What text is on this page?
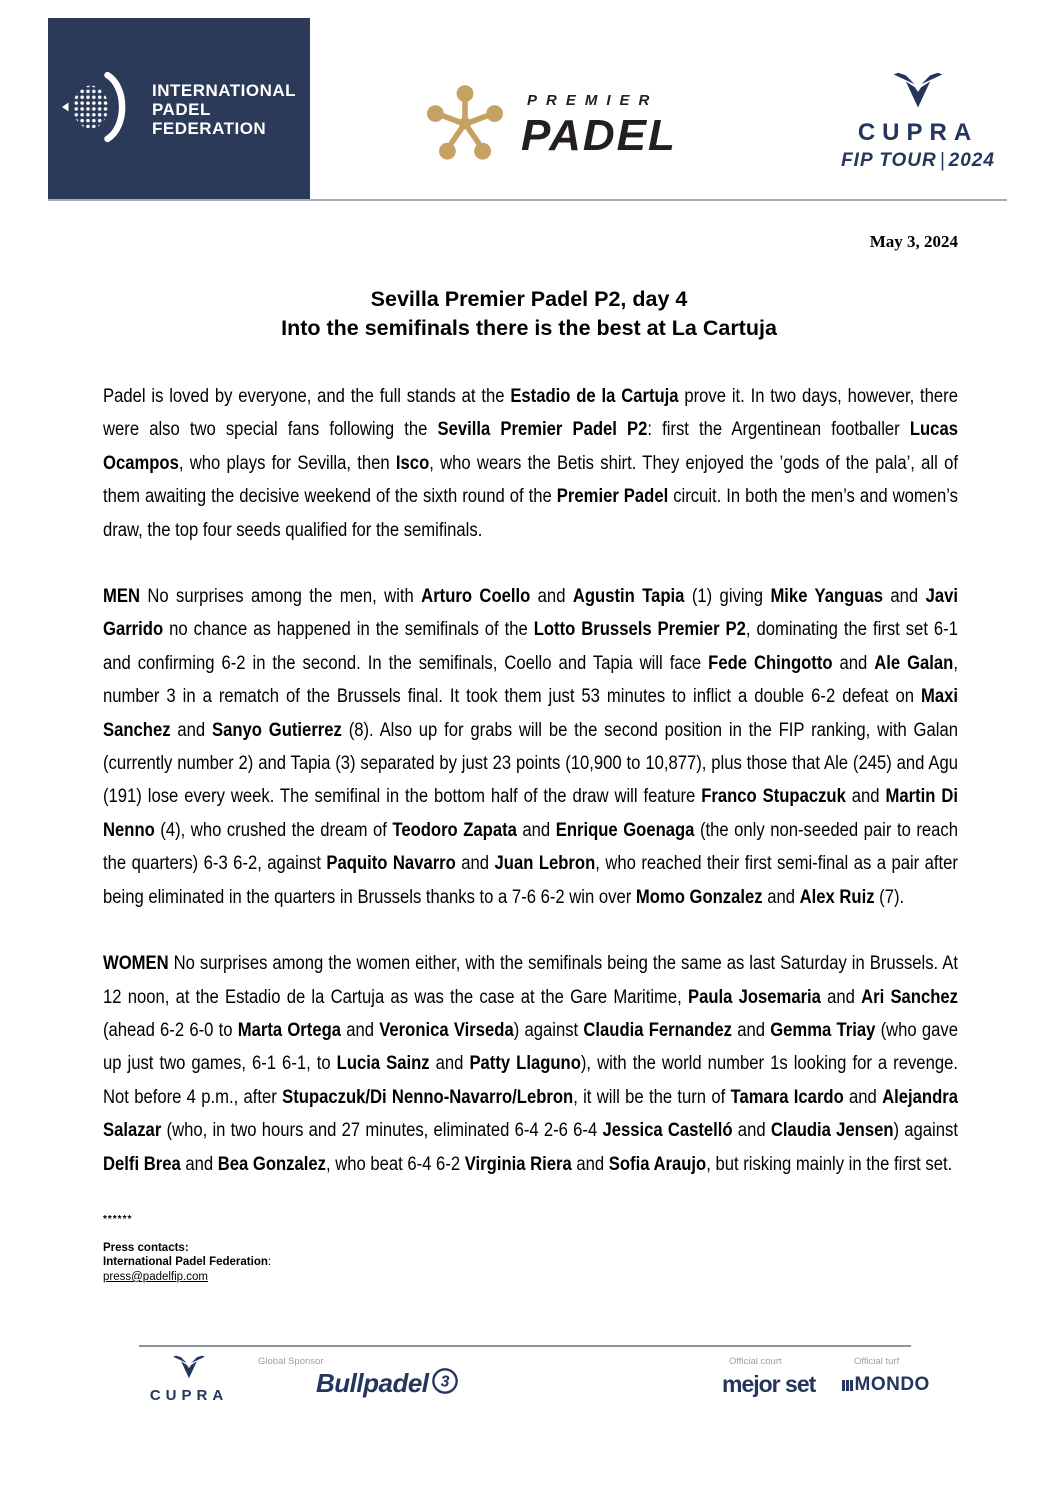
INTERNATIONAL
PADEL
FEDERATION
PREMIER
PADEL	CUPRA
FIP TOUR | 2024
May 3, 2024
Sevilla Premier Padel P2, day 4
Into the semifinals there is the best at La Cartuja

Padel is loved by everyone, and the full stands at the Estadio de la Cartuja prove it. In two days, however, there were also two special fans following the Sevilla Premier Padel P2: first the Argentinean footballer Lucas Ocampos, who plays for Sevilla, then Isco, who wears the Betis shirt. They enjoyed the ’gods of the pala’, all of them awaiting the decisive weekend of the sixth round of the Premier Padel circuit. In both the men’s and women’s draw, the top four seeds qualified for the semifinals.

MEN No surprises among the men, with Arturo Coello and Agustin Tapia (1) giving Mike Yanguas and Javi Garrido no chance as happened in the semifinals of the Lotto Brussels Premier P2, dominating the first set 6-1 and confirming 6-2 in the second. In the semifinals, Coello and Tapia will face Fede Chingotto and Ale Galan, number 3 in a rematch of the Brussels final. It took them just 53 minutes to inflict a double 6-2 defeat on Maxi Sanchez and Sanyo Gutierrez (8). Also up for grabs will be the second position in the FIP ranking, with Galan (currently number 2) and Tapia (3) separated by just 23 points (10,900 to 10,877), plus those that Ale (245) and Agu (191) lose every week. The semifinal in the bottom half of the draw will feature Franco Stupaczuk and Martin Di Nenno (4), who crushed the dream of Teodoro Zapata and Enrique Goenaga (the only non-seeded pair to reach the quarters) 6-3 6-2, against Paquito Navarro and Juan Lebron, who reached their first semi-final as a pair after being eliminated in the quarters in Brussels thanks to a 7-6 6-2 win over Momo Gonzalez and Alex Ruiz (7).

WOMEN No surprises among the women either, with the semifinals being the same as last Saturday in Brussels. At 12 noon, at the Estadio de la Cartuja as was the case at the Gare Maritime, Paula Josemaria and Ari Sanchez (ahead 6-2 6-0 to Marta Ortega and Veronica Virseda) against Claudia Fernandez and Gemma Triay (who gave up just two games, 6-1 6-1, to Lucia Sainz and Patty Llaguno), with the world number 1s looking for a revenge. Not before 4 p.m., after Stupaczuk/Di Nenno-Navarro/Lebron, it will be the turn of Tamara Icardo and Alejandra Salazar (who, in two hours and 27 minutes, eliminated 6-4 2-6 6-4 Jessica Castelló and Claudia Jensen) against Delfi Brea and Bea Gonzalez, who beat 6-4 6-2 Virginia Riera and Sofia Araujo, but risking mainly in the first set.

******
Press contacts:
International Padel Federation:
press@padelfip.com
CUPRA
Global Sponsor
Bullpadel 3
Official court
mejor set
Official turf
MONDO
